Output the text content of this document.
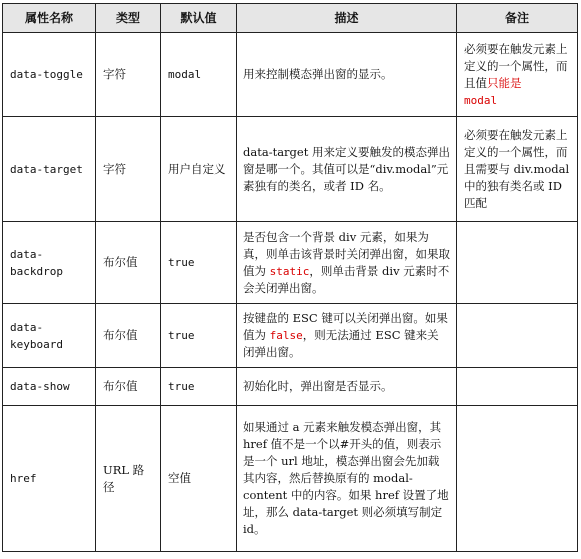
属性名称	类型	默认值	描述	备注
data-toggle	字符	modal	用来控制模态弹出窗的显示。	必须要在触发元素上定义的一个属性，而且值只能是
modal
data-target	字符	用户自定义	data-target 用来定义要触发的模态弹出窗是哪一个。其值可以是“div.modal”元素独有的类名，或者 ID 名。	必须要在触发元素上定义的一个属性，而且需要与 div.modal 中的独有类名或 ID 匹配
data-backdrop	布尔值	true	是否包含一个背景 div 元素，如果为真，则单击该背景时关闭弹出窗，如果取值为 static，则单击背景 div 元素时不会关闭弹出窗。	
data-keyboard	布尔值	true	按键盘的 ESC 键可以关闭弹出窗。如果值为 false，则无法通过 ESC 键来关闭弹出窗。	
data-show	布尔值	true	初始化时，弹出窗是否显示。	
href	URL 路径	空值	如果通过 a 元素来触发模态弹出窗，其 href 值不是一个以#开头的值，则表示是一个 url 地址，模态弹出窗会先加载其内容，然后替换原有的 modal-content 中的内容。如果 href 设置了地址，那么 data-target 则必须填写制定 id。	
